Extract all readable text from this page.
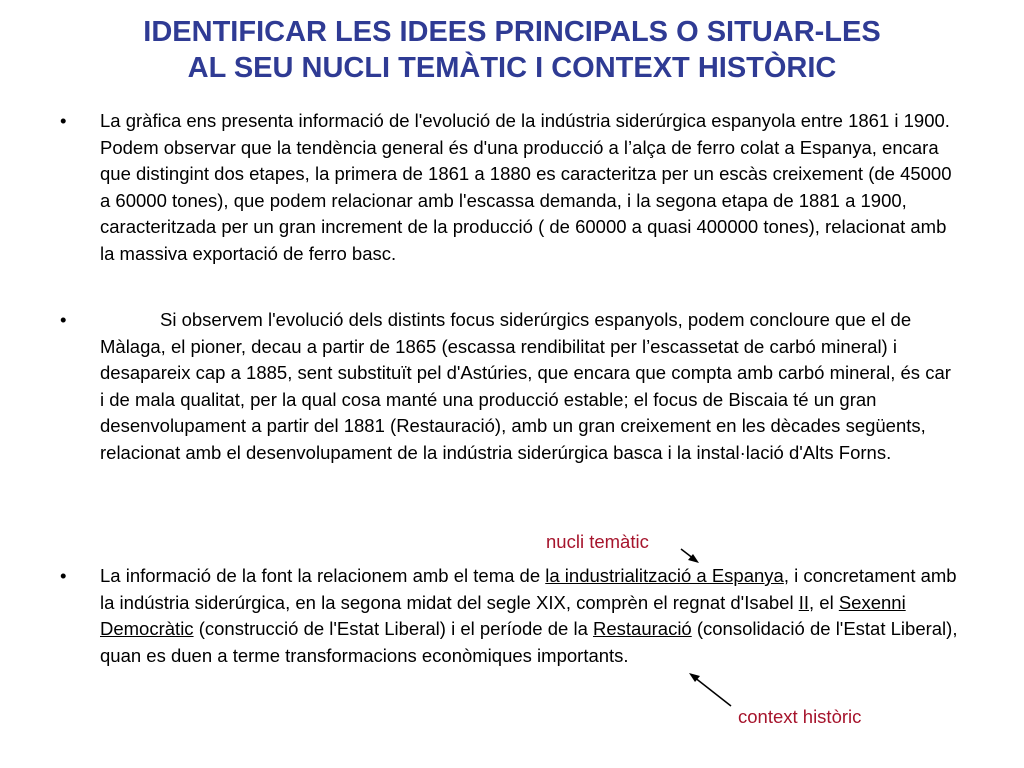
IDENTIFICAR LES IDEES PRINCIPALS O SITUAR-LES
AL SEU NUCLI TEMÀTIC I CONTEXT HISTÒRIC
• La gràfica ens presenta informació de l'evolució de la indústria siderúrgica espanyola entre 1861 i 1900. Podem observar que la tendència general és d'una producció a l’alça de ferro colat a Espanya, encara que distingint dos etapes, la primera de 1861 a 1880 es caracteritza per un escàs creixement (de 45000 a 60000 tones), que podem relacionar amb l'escassa demanda, i la segona etapa de 1881 a 1900, caracteritzada per un gran increment de la producció ( de 60000 a quasi 400000 tones), relacionat amb la massiva exportació de ferro basc.
•	Si observem l'evolució dels distints focus siderúrgics espanyols, podem concloure que el de Màlaga, el pioner, decau a partir de 1865 (escassa rendibilitat per l’escassetat de carbó mineral) i desapareix cap a 1885, sent substituït pel d'Astúries, que encara que compta amb carbó mineral, és car i de mala qualitat, per la qual cosa manté una producció estable; el focus de Biscaia té un gran desenvolupament a partir del 1881 (Restauració), amb un gran creixement en les dècades següents, relacionat amb el desenvolupament de la indústria siderúrgica basca i la instal·lació d'Alts Forns.
• La informació de la font la relacionem amb el tema de la industrialització a Espanya, i concretament amb la indústria siderúrgica, en la segona midat del segle XIX, comprèn el regnat d'Isabel II, el Sexenni Democràtic (construcció de l'Estat Liberal) i el període de la Restauració (consolidació de l'Estat Liberal), quan es duen a terme transformacions econòmiques importants.
nucli temàtic
context històric
